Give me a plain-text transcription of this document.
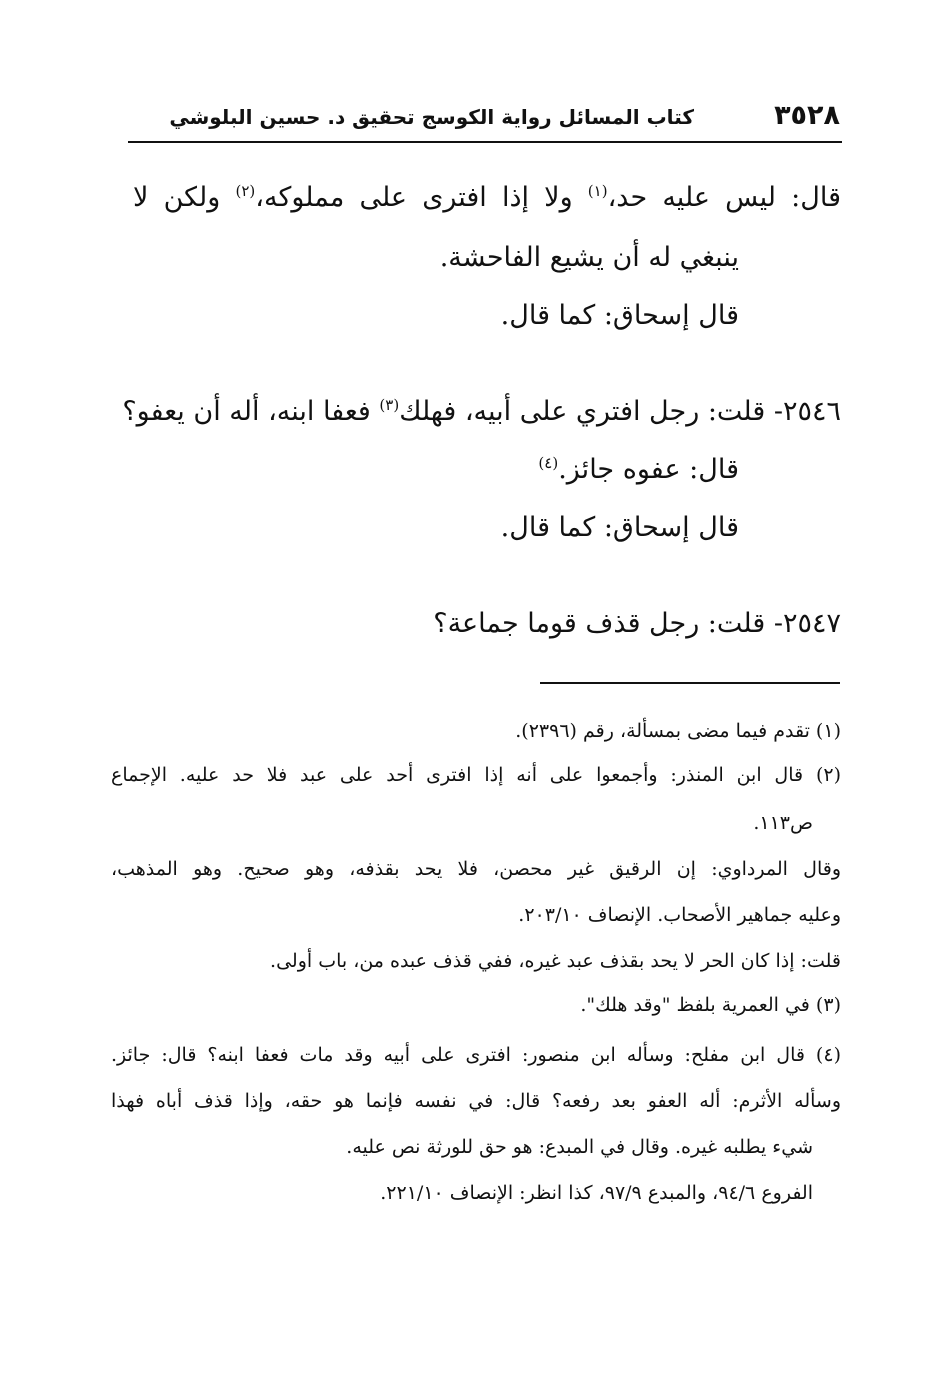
٣٥٢٨
كتاب المسائل رواية الكوسج تحقيق د. حسين البلوشي
قال: ليس عليه حد،$^{(١)}$ ولا إذا افترى على مملوكه،$^{(٢)}$ ولكن لا
ينبغي له أن يشيع الفاحشة.
قال إسحاق: كما قال.
٢٥٤٦- قلت: رجل افتري على أبيه، فهلك$^{(٣)}$ فعفا ابنه، أله أن يعفو؟
قال: عفوه جائز.$^{(٤)}$
قال إسحاق: كما قال.
٢٥٤٧- قلت: رجل قذف قوما جماعة؟
(١) تقدم فيما مضى بمسألة، رقم (٢٣٩٦).
(٢) قال ابن المنذر: وأجمعوا على أنه إذا افترى أحد على عبد فلا حد عليه. الإجماع
ص١١٣.
وقال المرداوي: إن الرقيق غير محصن، فلا يحد بقذفه، وهو صحيح. وهو المذهب،
وعليه جماهير الأصحاب. الإنصاف ٢٠٣/١٠.
قلت: إذا كان الحر لا يحد بقذف عبد غيره، ففي قذف عبده من، باب أولى.
(٣) في العمرية بلفظ "وقد هلك".
(٤) قال ابن مفلح: وسأله ابن منصور: افترى على أبيه وقد مات فعفا ابنه؟ قال: جائز.
وسأله الأثرم: أله العفو بعد رفعه؟ قال: في نفسه فإنما هو حقه، وإذا قذف أباه فهذا
شيء يطلبه غيره. وقال في المبدع: هو حق للورثة نص عليه.
الفروع ٩٤/٦، والمبدع ٩٧/٩، كذا انظر: الإنصاف ٢٢١/١٠.
